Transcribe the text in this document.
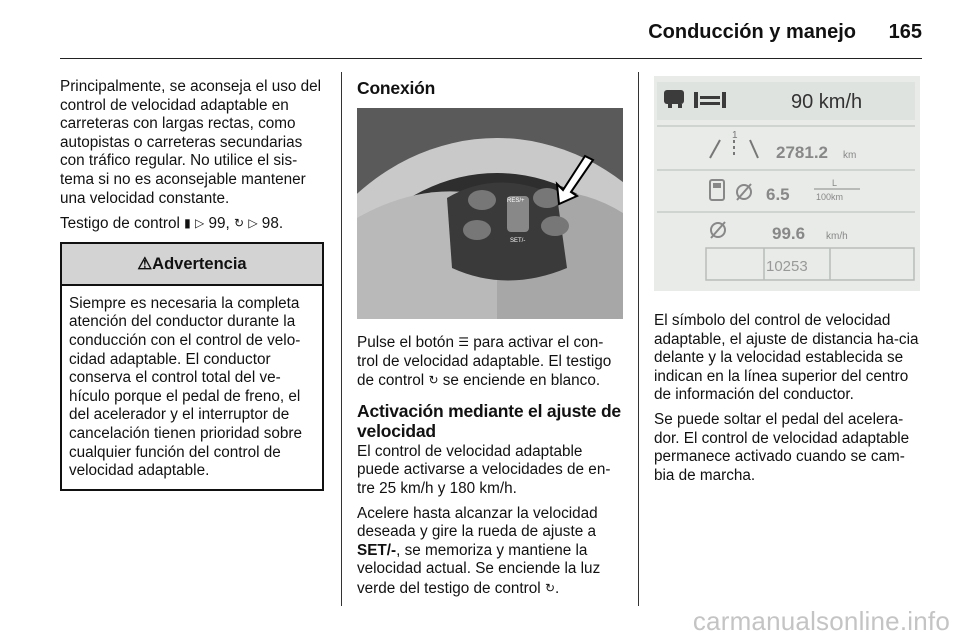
Conducción y manejo 165

Principalmente, se aconseja el uso del control de velocidad adaptable en carreteras con largas rectas, como autopistas o carreteras secundarias con tráfico regular. No utilice el sis-tema si no es aconsejable mantener una velocidad constante.

Testigo de control ▮ ▷ 99, ↻ ▷ 98.

⚠Advertencia
Siempre es necesaria la completa atención del conductor durante la conducción con el control de velo-cidad adaptable. El conductor conserva el control total del ve-hículo porque el pedal de freno, el del acelerador y el interruptor de cancelación tienen prioridad sobre cualquier función del control de velocidad adaptable.
Conexión
RES/+
SET/-

Pulse el botón ☰ para activar el con-trol de velocidad adaptable. El testigo de control ↻ se enciende en blanco.

Activación mediante el ajuste de velocidad

El control de velocidad adaptable puede activarse a velocidades de en-tre 25 km/h y 180 km/h.

Acelere hasta alcanzar la velocidad deseada y gire la rueda de ajuste a SET/-, se memoriza y mantiene la velocidad actual. Se enciende la luz verde del testigo de control ↻.

90 km/h
1
2781.2 km
6.5
L
100km
99.6 km/h
10253

El símbolo del control de velocidad adaptable, el ajuste de distancia ha-cia delante y la velocidad establecida se indican en la línea superior del centro de información del conductor.

Se puede soltar el pedal del acelera-dor. El control de velocidad adaptable permanece activado cuando se cam-bia de marcha.

carmanualsonline.info
